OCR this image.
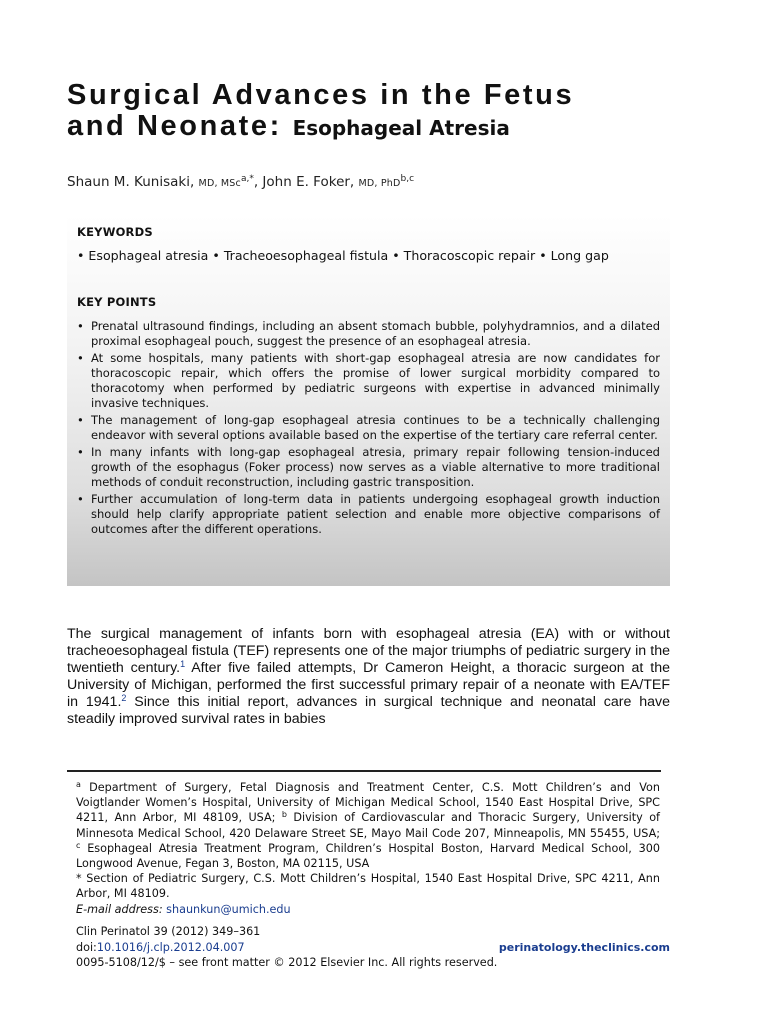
Surgical Advances in the Fetus
and Neonate: Esophageal Atresia
Shaun M. Kunisaki, MD, MSc$^{a,*}$, John E. Foker, MD, PhD$^{b,c}$
KEYWORDS
• Esophageal atresia • Tracheoesophageal fistula • Thoracoscopic repair • Long gap
KEY POINTS
• Prenatal ultrasound findings, including an absent stomach bubble, polyhydramnios, and a dilated proximal esophageal pouch, suggest the presence of an esophageal atresia.
• At some hospitals, many patients with short-gap esophageal atresia are now candidates for thoracoscopic repair, which offers the promise of lower surgical morbidity compared to thoracotomy when performed by pediatric surgeons with expertise in advanced minimally invasive techniques.
• The management of long-gap esophageal atresia continues to be a technically challenging endeavor with several options available based on the expertise of the tertiary care referral center.
• In many infants with long-gap esophageal atresia, primary repair following tension-induced growth of the esophagus (Foker process) now serves as a viable alternative to more traditional methods of conduit reconstruction, including gastric transposition.
• Further accumulation of long-term data in patients undergoing esophageal growth induction should help clarify appropriate patient selection and enable more objective comparisons of outcomes after the different operations.

The surgical management of infants born with esophageal atresia (EA) with or without tracheoesophageal fistula (TEF) represents one of the major triumphs of pediatric surgery in the twentieth century.$^1$ After five failed attempts, Dr Cameron Height, a thoracic surgeon at the University of Michigan, performed the first successful primary repair of a neonate with EA/TEF in 1941.$^2$ Since this initial report, advances in surgical technique and neonatal care have steadily improved survival rates in babies

$^a$ Department of Surgery, Fetal Diagnosis and Treatment Center, C.S. Mott Children’s and Von Voigtlander Women’s Hospital, University of Michigan Medical School, 1540 East Hospital Drive, SPC 4211, Ann Arbor, MI 48109, USA; $^b$ Division of Cardiovascular and Thoracic Surgery, University of Minnesota Medical School, 420 Delaware Street SE, Mayo Mail Code 207, Minneapolis, MN 55455, USA; $^c$ Esophageal Atresia Treatment Program, Children’s Hospital Boston, Harvard Medical School, 300 Longwood Avenue, Fegan 3, Boston, MA 02115, USA
* Section of Pediatric Surgery, C.S. Mott Children’s Hospital, 1540 East Hospital Drive, SPC 4211, Ann Arbor, MI 48109.
E-mail address: shaunkun@umich.edu

Clin Perinatol 39 (2012) 349–361
doi:10.1016/j.clp.2012.04.007	perinatology.theclinics.com
0095-5108/12/$ – see front matter © 2012 Elsevier Inc. All rights reserved.
